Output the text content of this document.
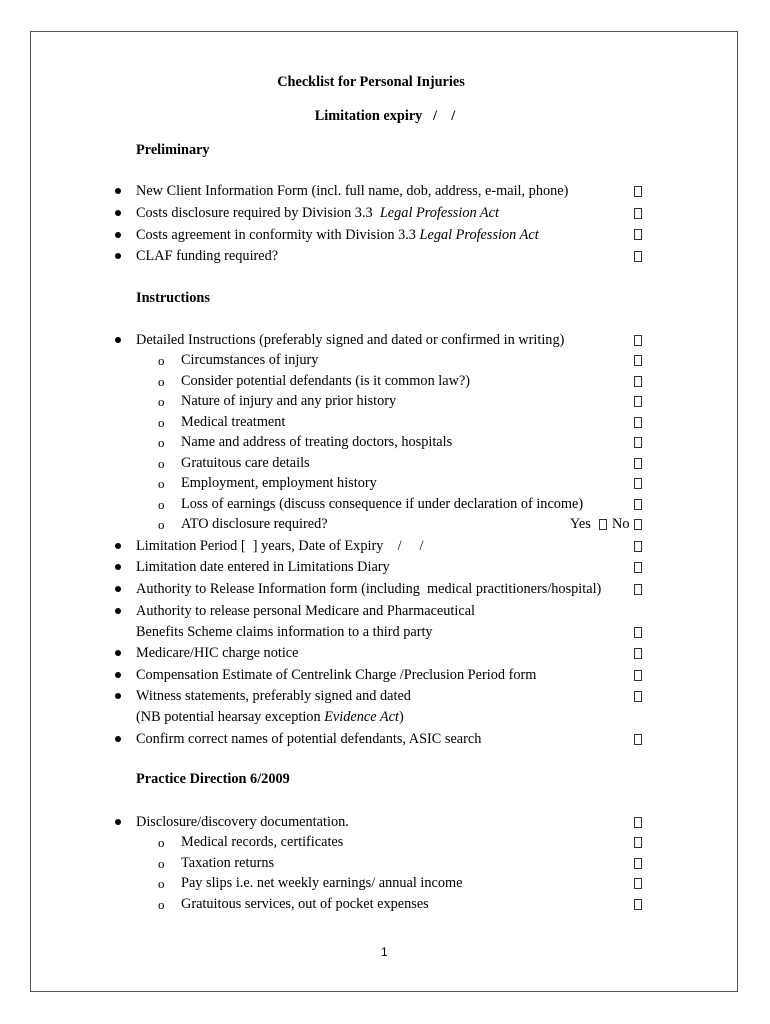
Checklist for Personal Injuries
Limitation expiry   /    /
Preliminary
New Client Information Form (incl. full name, dob, address, e-mail, phone)
Costs disclosure required by Division 3.3 Legal Profession Act
Costs agreement in conformity with Division 3.3 Legal Profession Act
CLAF funding required?
Instructions
Detailed Instructions (preferably signed and dated or confirmed in writing)
o Circumstances of injury
o Consider potential defendants (is it common law?)
o Nature of injury and any prior history
o Medical treatment
o Name and address of treating doctors, hospitals
o Gratuitous care details
o Employment, employment history
o Loss of earnings (discuss consequence if under declaration of income)
o ATO disclosure required?	Yes No
Limitation Period [  ] years, Date of Expiry    /     /
Limitation date entered in Limitations Diary
Authority to Release Information form (including  medical practitioners/hospital)
Authority to release personal Medicare and Pharmaceutical
Benefits Scheme claims information to a third party
Medicare/HIC charge notice
Compensation Estimate of Centrelink Charge /Preclusion Period form
Witness statements, preferably signed and dated
(NB potential hearsay exception Evidence Act)
Confirm correct names of potential defendants, ASIC search
Practice Direction 6/2009
Disclosure/discovery documentation.
o Medical records, certificates
o Taxation returns
o Pay slips i.e. net weekly earnings/ annual income
o Gratuitous services, out of pocket expenses
1
